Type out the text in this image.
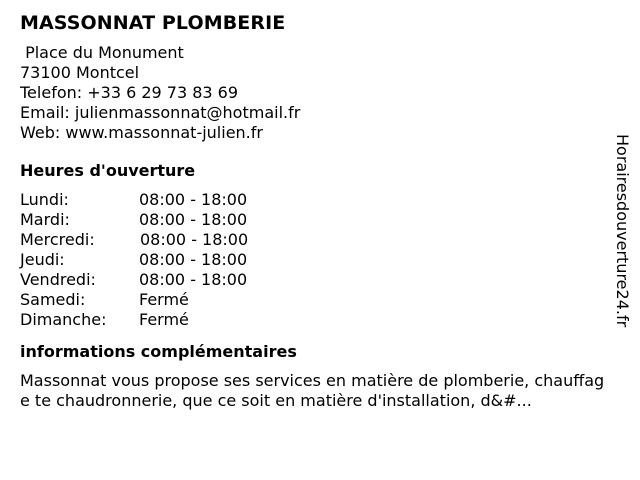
MASSONNAT PLOMBERIE
Place du Monument
73100 Montcel
Telefon: +33 6 29 73 83 69
Email: julienmassonnat@hotmail.fr
Web: www.massonnat-julien.fr
Heures d'ouverture
Lundi:	08:00 - 18:00
Mardi:	08:00 - 18:00
Mercredi:	08:00 - 18:00
Jeudi:	08:00 - 18:00
Vendredi:	08:00 - 18:00
Samedi:	Fermé
Dimanche:	Fermé
informations complémentaires
Massonnat vous propose ses services en matière de plomberie, chauffage te chaudronnerie, que ce soit en matière d'installation, d&#...
Horairesdouverture24.fr
